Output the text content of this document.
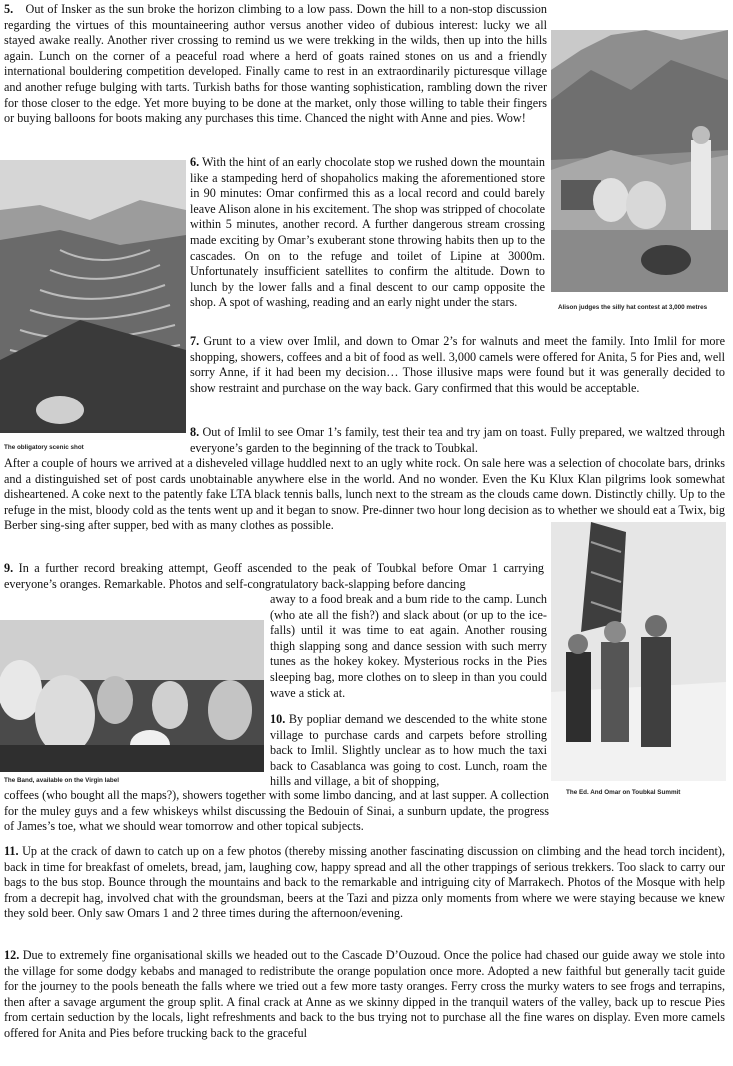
Alison judges the silly hat contest at 3,000 metres
The obligatory scenic shot
The Ed. And Omar on Toubkal Summit
The Band, available on the Virgin label
5. Out of Insker as the sun broke the horizon climbing to a low pass. Down the hill to a non-stop discussion regarding the virtues of this mountaineering author versus another video of dubious interest: lucky we all stayed awake really. Another river crossing to remind us we were trekking in the wilds, then up into the hills again. Lunch on the corner of a peaceful road where a herd of goats rained stones on us and a friendly international bouldering competition developed. Finally came to rest in an extraordinarily picturesque village and another refuge bulging with tarts. Turkish baths for those wanting sophistication, rambling down the river for those closer to the edge. Yet more buying to be done at the market, only those willing to table their fingers or buying balloons for boots making any purchases this time. Chanced the night with Anne and pies. Wow!
6. With the hint of an early chocolate stop we rushed down the mountain like a stampeding herd of shopaholics making the aforementioned store in 90 minutes: Omar confirmed this as a local record and could barely leave Alison alone in his excitement. The shop was stripped of chocolate within 5 minutes, another record. A further dangerous stream crossing made exciting by Omar’s exuberant stone throwing habits then up to the cascades. On on to the refuge and toilet of Lipine at 3000m. Unfortunately insufficient satellites to confirm the altitude. Down to lunch by the lower falls and a final descent to our camp opposite the shop. A spot of washing, reading and an early night under the stars.
7. Grunt to a view over Imlil, and down to Omar 2’s for walnuts and meet the family. Into Imlil for more shopping, showers, coffees and a bit of food as well. 3,000 camels were offered for Anita, 5 for Pies and, well sorry Anne, if it had been my decision… Those illusive maps were found but it was generally decided to show restraint and purchase on the way back. Gary confirmed that this would be acceptable.
8. Out of Imlil to see Omar 1’s family, test their tea and try jam on toast. Fully prepared, we waltzed through everyone’s garden to the beginning of the track to Toubkal.
After a couple of hours we arrived at a disheveled village huddled next to an ugly white rock. On sale here was a selection of chocolate bars, drinks and a distinguished set of post cards unobtainable anywhere else in the world. And no wonder. Even the Ku Klux Klan pilgrims look somewhat disheartened. A coke next to the patently fake LTA black tennis balls, lunch next to the stream as the clouds came down. Distinctly chilly. Up to the refuge in the mist, bloody cold as the tents went up and it began to snow. Pre-dinner two hour long decision as to whether we should eat a Twix, big Berber sing-sing after supper, bed with as many clothes as possible.
9. In a further record breaking attempt, Geoff ascended to the peak of Toubkal before Omar 1 carrying everyone’s oranges. Remarkable. Photos and self-congratulatory back-slapping before dancing
away to a food break and a bum ride to the camp. Lunch (who ate all the fish?) and slack about (or up to the ice-falls) until it was time to eat again. Another rousing thigh slapping song and dance session with such merry tunes as the hokey kokey. Mysterious rocks in the Pies sleeping bag, more clothes on to sleep in than you could wave a stick at.
10. By popliar demand we descended to the white stone village to purchase cards and carpets before strolling back to Imlil. Slightly unclear as to how much the taxi back to Casablanca was going to cost. Lunch, roam the hills and village, a bit of shopping,
coffees (who bought all the maps?), showers together with some limbo dancing, and at last supper. A collection for the muley guys and a few whiskeys whilst discussing the Bedouin of Sinai, a sunburn update, the progress of James’s toe, what we should wear tomorrow and other topical subjects.
11. Up at the crack of dawn to catch up on a few photos (thereby missing another fascinating discussion on climbing and the head torch incident), back in time for breakfast of omelets, bread, jam, laughing cow, happy spread and all the other trappings of serious trekkers. Too slack to carry our bags to the bus stop. Bounce through the mountains and back to the remarkable and intriguing city of Marrakech. Photos of the Mosque with help from a decrepit hag, involved chat with the groundsman, beers at the Tazi and pizza only moments from where we were staying because we knew they sold beer. Only saw Omars 1 and 2 three times during the afternoon/evening.
12. Due to extremely fine organisational skills we headed out to the Cascade D’Ouzoud. Once the police had chased our guide away we stole into the village for some dodgy kebabs and managed to redistribute the orange population once more. Adopted a new faithful but generally tacit guide for the journey to the pools beneath the falls where we tried out a few more tasty oranges. Ferry cross the murky waters to see frogs and terrapins, then after a savage argument the group split. A final crack at Anne as we skinny dipped in the tranquil waters of the valley, back up to rescue Pies from certain seduction by the locals, light refreshments and back to the bus trying not to purchase all the fine wares on display. Even more camels offered for Anita and Pies before trucking back to the graceful
